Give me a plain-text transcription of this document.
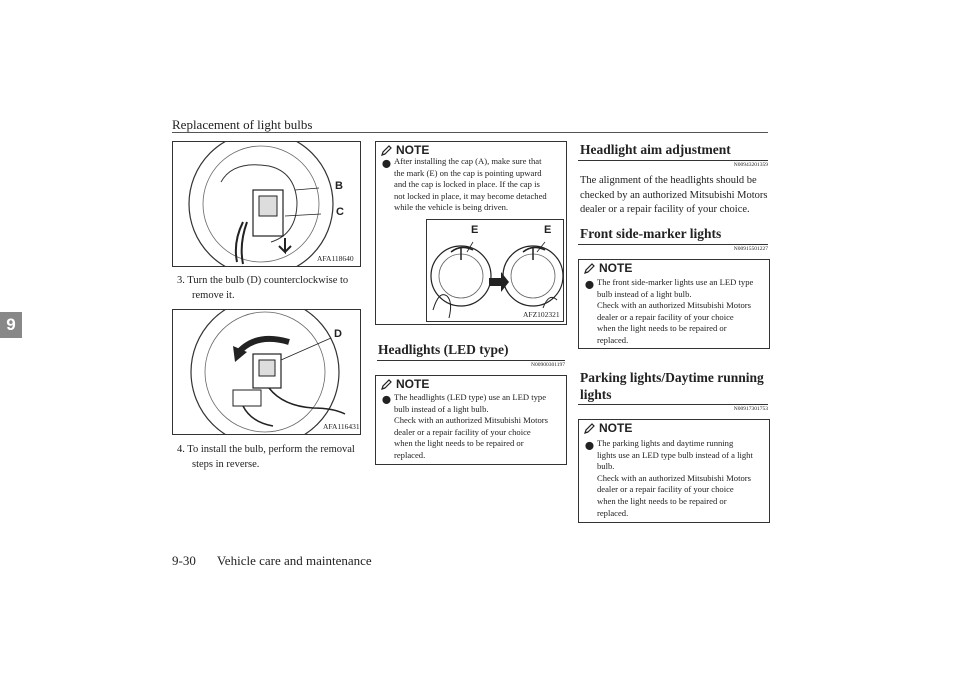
Replacement of light bulbs
9
B
C
AFA118640
3. Turn the bulb (D) counterclockwise to
remove it.
D
AFA116431
4. To install the bulb, perform the removal
steps in reverse.
NOTE
⬤ After installing the cap (A), make sure that
the mark (E) on the cap is pointing upward
and the cap is locked in place. If the cap is
not locked in place, it may become detached
while the vehicle is being driven.
E	E
AFZ102321
Headlights (LED type)
N00900301197
NOTE
⬤ The headlights (LED type) use an LED type
bulb instead of a light bulb.
Check with an authorized Mitsubishi Motors
dealer or a repair facility of your choice
when the light needs to be repaired or
replaced.
Headlight aim adjustment
N00943201359
The alignment of the headlights should be
checked by an authorized Mitsubishi Motors
dealer or a repair facility of your choice.
Front side-marker lights
N00915501227
NOTE
⬤ The front side-marker lights use an LED type
bulb instead of a light bulb.
Check with an authorized Mitsubishi Motors
dealer or a repair facility of your choice
when the light needs to be repaired or
replaced.
Parking lights/Daytime running
lights
N00917301753
NOTE
⬤ The parking lights and daytime running
lights use an LED type bulb instead of a light
bulb.
Check with an authorized Mitsubishi Motors
dealer or a repair facility of your choice
when the light needs to be repaired or
replaced.
9-30 Vehicle care and maintenance
